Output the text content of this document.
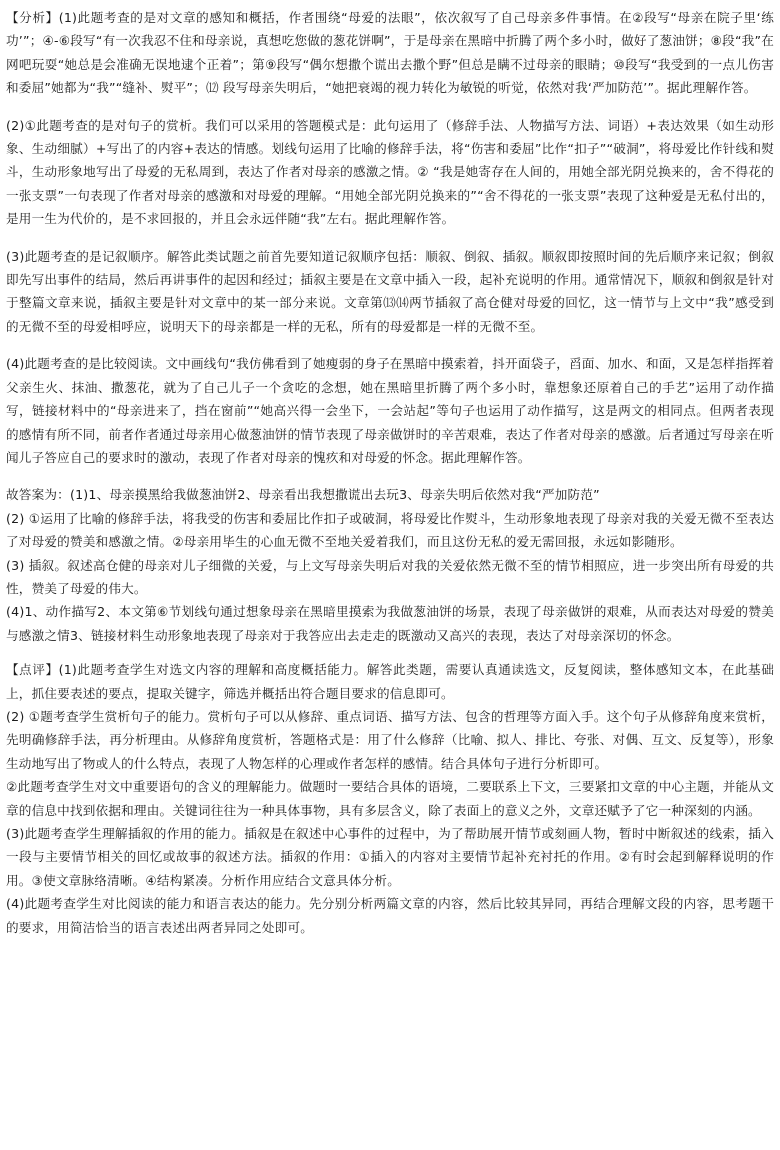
【分析】(1)此题考查的是对文章的感知和概括，作者围绕“母爱的法眼”，依次叙写了自己母亲多件事情。在②段写“母亲在院子里‘练功’”；④-⑥段写“有一次我忍不住和母亲说，真想吃您做的葱花饼啊”，于是母亲在黑暗中折腾了两个多小时，做好了葱油饼；⑧段“我”在网吧玩耍“她总是会准确无误地逮个正着”；第⑨段写“偶尔想撒个谎出去撒个野”但总是瞒不过母亲的眼睛；⑩段写“我受到的一点儿伤害和委屈”她都为“我”“缝补、熨平”；⑿ 段写母亲失明后，“她把衰竭的视力转化为敏锐的听觉，依然对我‘严加防范’”。据此理解作答。

(2)①此题考查的是对句子的赏析。我们可以采用的答题模式是：此句运用了（修辞手法、人物描写方法、词语）+表达效果（如生动形象、生动细腻）+写出了的内容+表达的情感。划线句运用了比喻的修辞手法，将“伤害和委屈”比作“扣子”“破洞”，将母爱比作针线和熨斗，生动形象地写出了母爱的无私周到，表达了作者对母亲的感激之情。② “我是她寄存在人间的，用她全部光阴兑换来的，舍不得花的一张支票”一句表现了作者对母亲的感激和对母爱的理解。“用她全部光阴兑换来的”“舍不得花的一张支票”表现了这种爱是无私付出的，是用一生为代价的，是不求回报的，并且会永远伴随“我”左右。据此理解作答。

(3)此题考查的是记叙顺序。解答此类试题之前首先要知道记叙顺序包括：顺叙、倒叙、插叙。顺叙即按照时间的先后顺序来记叙；倒叙即先写出事件的结局，然后再讲事件的起因和经过；插叙主要是在文章中插入一段，起补充说明的作用。通常情况下，顺叙和倒叙是针对于整篇文章来说，插叙主要是针对文章中的某一部分来说。文章第⒀⒁两节插叙了高仓健对母爱的回忆，这一情节与上文中“我”感受到的无微不至的母爱相呼应，说明天下的母亲都是一样的无私，所有的母爱都是一样的无微不至。

(4)此题考查的是比较阅读。文中画线句“我仿佛看到了她瘦弱的身子在黑暗中摸索着，抖开面袋子，舀面、加水、和面，又是怎样指挥着父亲生火、抹油、撒葱花，就为了自己儿子一个贪吃的念想，她在黑暗里折腾了两个多小时，靠想象还原着自己的手艺”运用了动作描写，链接材料中的“母亲进来了，挡在窗前”“她高兴得一会坐下，一会站起”等句子也运用了动作描写，这是两文的相同点。但两者表现的感情有所不同，前者作者通过母亲用心做葱油饼的情节表现了母亲做饼时的辛苦艰难，表达了作者对母亲的感激。后者通过写母亲在听闻儿子答应自己的要求时的激动，表现了作者对母亲的愧疚和对母爱的怀念。据此理解作答。

故答案为：(1)1、母亲摸黑给我做葱油饼2、母亲看出我想撒谎出去玩3、母亲失明后依然对我“严加防范”

(2) ①运用了比喻的修辞手法，将我受的伤害和委屈比作扣子或破洞，将母爱比作熨斗，生动形象地表现了母亲对我的关爱无微不至表达了对母爱的赞美和感激之情。②母亲用毕生的心血无微不至地关爱着我们，而且这份无私的爱无需回报，永远如影随形。

(3) 插叙。叙述高仓健的母亲对儿子细微的关爱，与上文写母亲失明后对我的关爱依然无微不至的情节相照应，进一步突出所有母爱的共性，赞美了母爱的伟大。

(4)1、动作描写2、本文第⑥节划线句通过想象母亲在黑暗里摸索为我做葱油饼的场景，表现了母亲做饼的艰难，从而表达对母爱的赞美与感激之情3、链接材料生动形象地表现了母亲对于我答应出去走走的既激动又高兴的表现，表达了对母亲深切的怀念。

【点评】(1)此题考查学生对选文内容的理解和高度概括能力。解答此类题，需要认真通读选文，反复阅读，整体感知文本，在此基础上，抓住要表述的要点，提取关键字，筛选并概括出符合题目要求的信息即可。

(2) ①题考查学生赏析句子的能力。赏析句子可以从修辞、重点词语、描写方法、包含的哲理等方面入手。这个句子从修辞角度来赏析，先明确修辞手法，再分析理由。从修辞角度赏析，答题格式是：用了什么修辞（比喻、拟人、排比、夸张、对偶、互文、反复等），形象生动地写出了物或人的什么特点，表现了人物怎样的心理或作者怎样的感情。结合具体句子进行分析即可。

②此题考查学生对文中重要语句的含义的理解能力。做题时一要结合具体的语境，二要联系上下文，三要紧扣文章的中心主题，并能从文章的信息中找到依据和理由。关键词往往为一种具体事物，具有多层含义，除了表面上的意义之外，文章还赋予了它一种深刻的内涵。

(3)此题考查学生理解插叙的作用的能力。插叙是在叙述中心事件的过程中，为了帮助展开情节或刻画人物，暂时中断叙述的线索，插入一段与主要情节相关的回忆或故事的叙述方法。插叙的作用：①插入的内容对主要情节起补充衬托的作用。②有时会起到解释说明的作用。③使文章脉络清晰。④结构紧凑。分析作用应结合文意具体分析。

(4)此题考查学生对比阅读的能力和语言表达的能力。先分别分析两篇文章的内容，然后比较其异同，再结合理解文段的内容，思考题干的要求，用简洁恰当的语言表述出两者异同之处即可。
